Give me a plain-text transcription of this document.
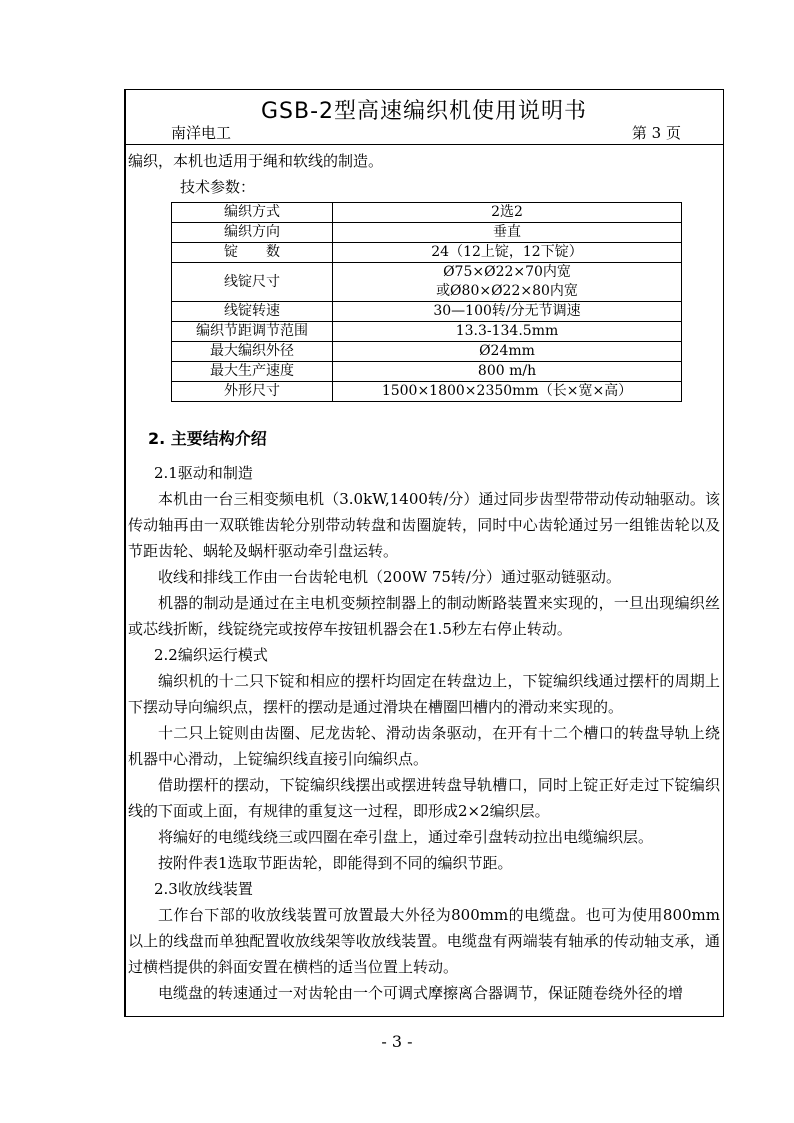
GSB-2型高速编织机使用说明书
南洋电工	第 3 页

编织，本机也适用于绳和软线的制造。

技术参数：

编织方式	2选2
编织方向	垂直
锭　　数	24（12上锭，12下锭）
线锭尺寸	Ø75×Ø22×70内宽
或Ø80×Ø22×80内宽

线锭转速	30—100转/分无节调速
编织节距调节范围	13.3-134.5mm
最大编织外径	Ø24mm
最大生产速度	800 m/h
外形尺寸	1500×1800×2350mm（长×宽×高）
2. 主要结构介绍

2.1驱动和制造

本机由一台三相变频电机（3.0kW,1400转/分）通过同步齿型带带动传动轴驱动。该传动轴再由一双联锥齿轮分别带动转盘和齿圈旋转，同时中心齿轮通过另一组锥齿轮以及节距齿轮、蜗轮及蜗杆驱动牵引盘运转。

收线和排线工作由一台齿轮电机（200W 75转/分）通过驱动链驱动。

机器的制动是通过在主电机变频控制器上的制动断路装置来实现的，一旦出现编织丝或芯线折断，线锭绕完或按停车按钮机器会在1.5秒左右停止转动。

2.2编织运行模式

编织机的十二只下锭和相应的摆杆均固定在转盘边上，下锭编织线通过摆杆的周期上下摆动导向编织点，摆杆的摆动是通过滑块在槽圈凹槽内的滑动来实现的。

十二只上锭则由齿圈、尼龙齿轮、滑动齿条驱动，在开有十二个槽口的转盘导轨上绕机器中心滑动，上锭编织线直接引向编织点。

借助摆杆的摆动，下锭编织线摆出或摆进转盘导轨槽口，同时上锭正好走过下锭编织线的下面或上面，有规律的重复这一过程，即形成2×2编织层。

将编好的电缆线绕三或四圈在牵引盘上，通过牵引盘转动拉出电缆编织层。

按附件表1选取节距齿轮，即能得到不同的编织节距。

2.3收放线装置

工作台下部的收放线装置可放置最大外径为800mm的电缆盘。也可为使用800mm以上的线盘而单独配置收放线架等收放线装置。电缆盘有两端装有轴承的传动轴支承，通过横档提供的斜面安置在横档的适当位置上转动。

电缆盘的转速通过一对齿轮由一个可调式摩擦离合器调节，保证随卷绕外径的增

- 3 -
